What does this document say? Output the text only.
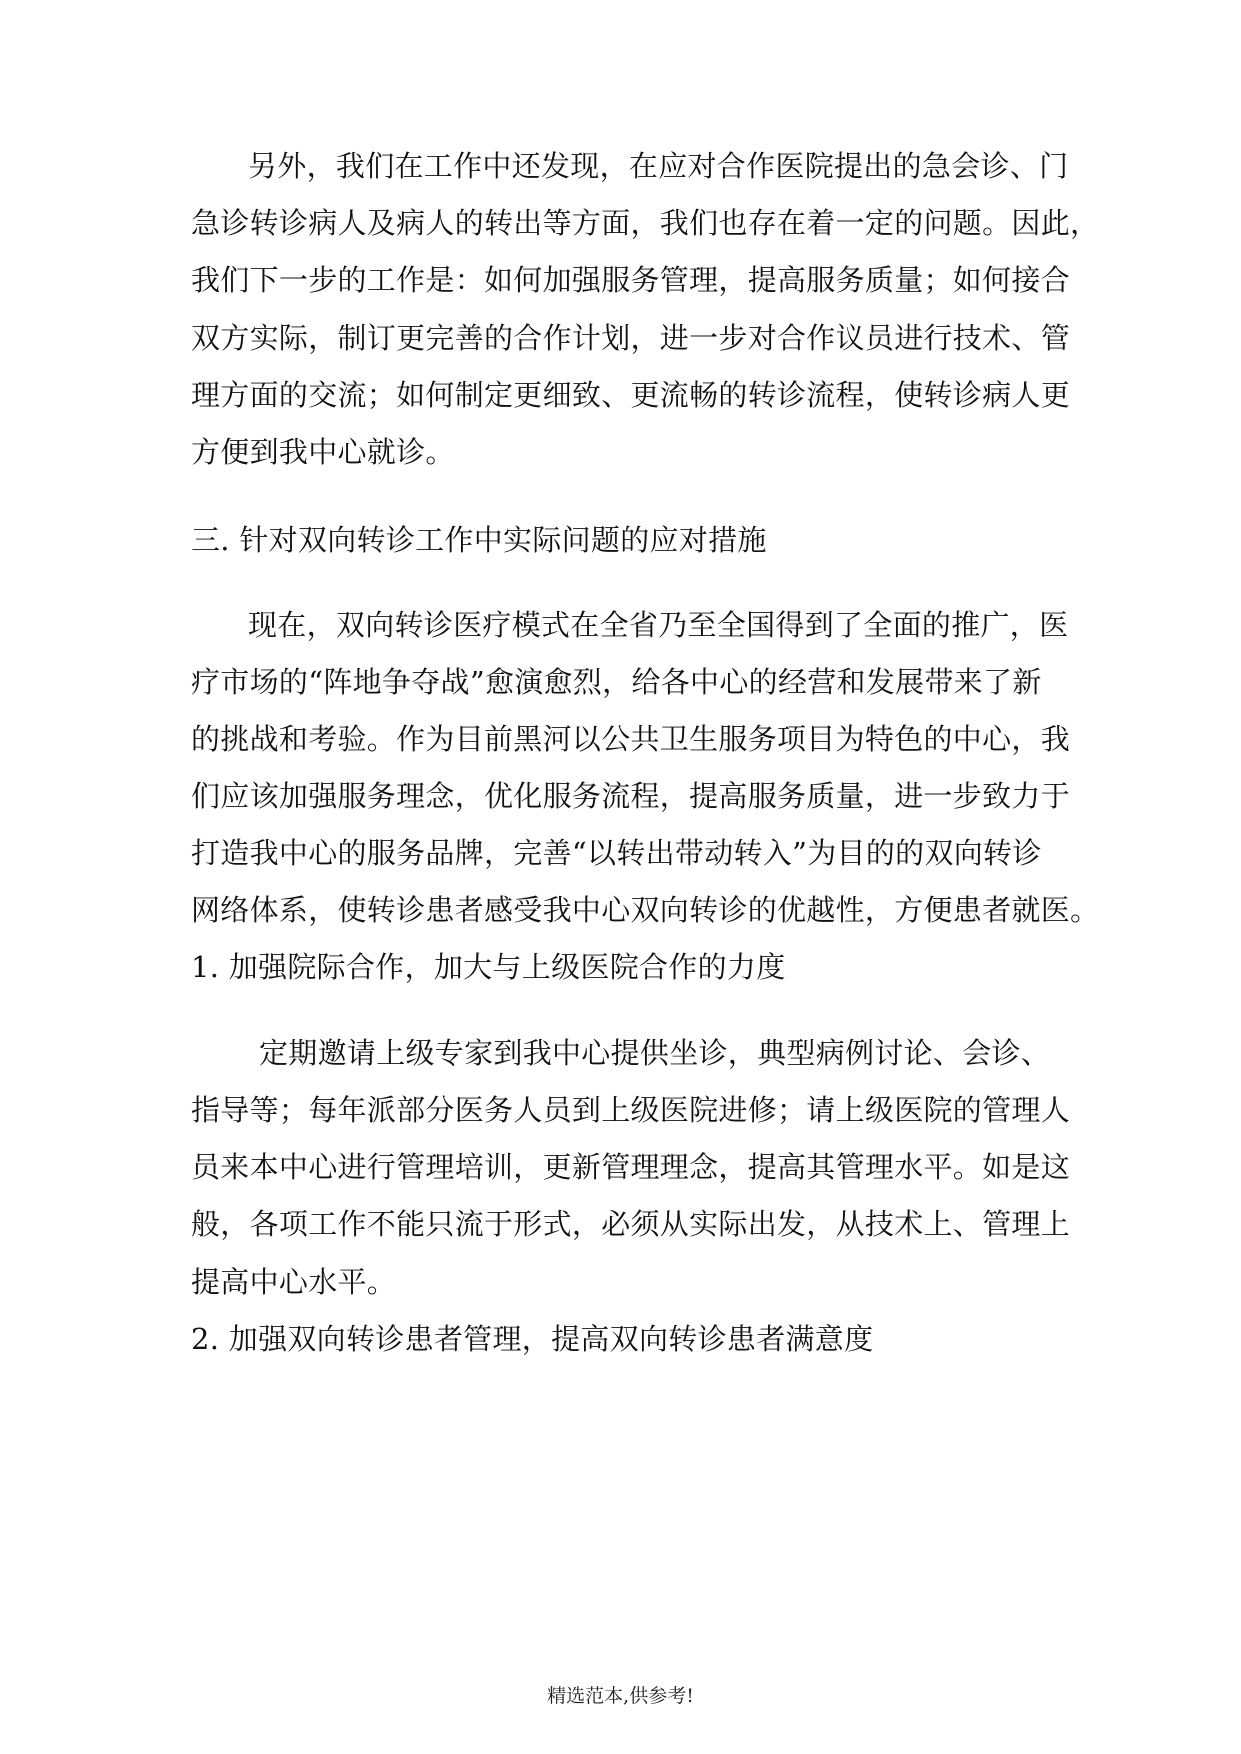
另外，我们在工作中还发现，在应对合作医院提出的急会诊、门
急诊转诊病人及病人的转出等方面，我们也存在着一定的问题。因此，
我们下一步的工作是：如何加强服务管理，提高服务质量；如何接合
双方实际，制订更完善的合作计划，进一步对合作议员进行技术、管
理方面的交流；如何制定更细致、更流畅的转诊流程，使转诊病人更
方便到我中心就诊。
三. 针对双向转诊工作中实际问题的应对措施
现在，双向转诊医疗模式在全省乃至全国得到了全面的推广，医
疗市场的“阵地争夺战”愈演愈烈，给各中心的经营和发展带来了新
的挑战和考验。作为目前黑河以公共卫生服务项目为特色的中心，我
们应该加强服务理念，优化服务流程，提高服务质量，进一步致力于
打造我中心的服务品牌，完善“以转出带动转入”为目的的双向转诊
网络体系，使转诊患者感受我中心双向转诊的优越性，方便患者就医。
1. 加强院际合作，加大与上级医院合作的力度
定期邀请上级专家到我中心提供坐诊，典型病例讨论、会诊、
指导等；每年派部分医务人员到上级医院进修；请上级医院的管理人
员来本中心进行管理培训，更新管理理念，提高其管理水平。如是这
般，各项工作不能只流于形式，必须从实际出发，从技术上、管理上
提高中心水平。
2. 加强双向转诊患者管理，提高双向转诊患者满意度
精选范本,供参考!
